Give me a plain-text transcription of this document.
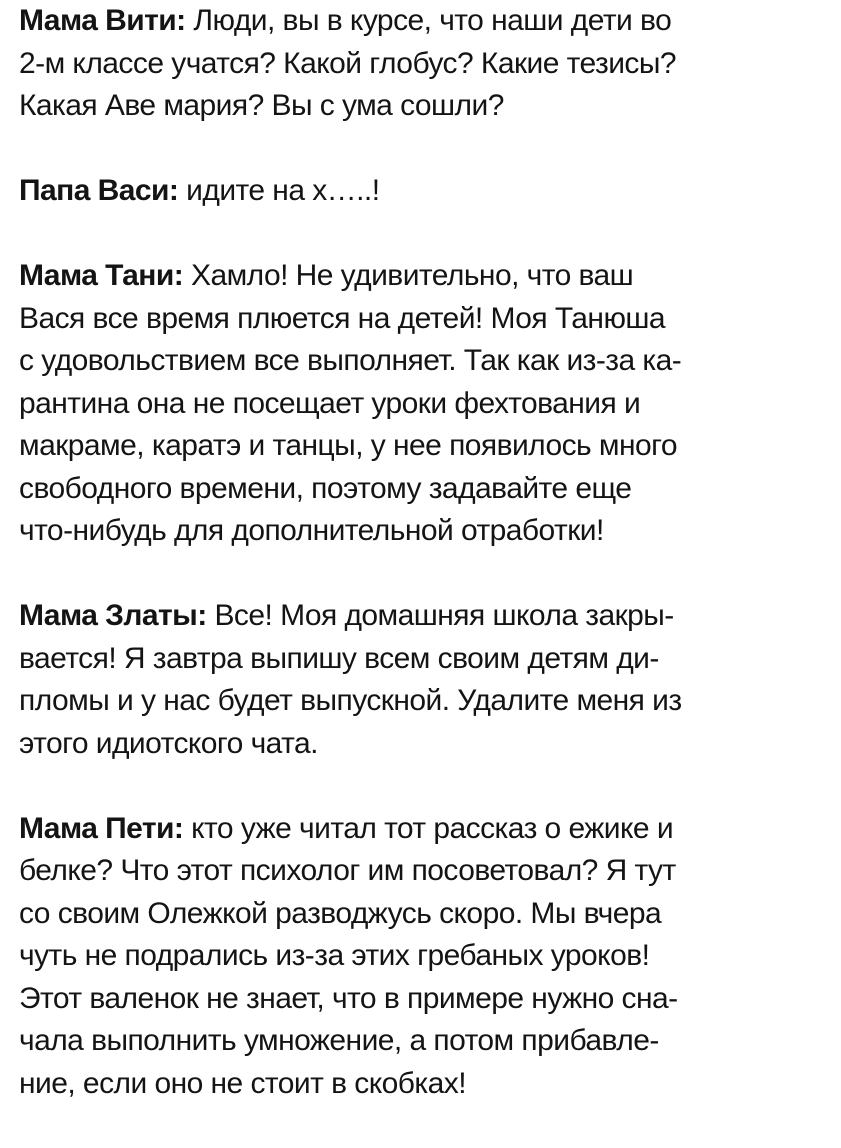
Мама Вити: Люди, вы в курсе, что наши дети во
2-м классе учатся? Какой глобус? Какие тезисы?
Какая Аве мария? Вы с ума сошли?
Папа Васи: идите на х…..!
Мама Тани: Хамло! Не удивительно, что ваш
Вася все время плюется на детей! Моя Танюша
с удовольствием все выполняет. Так как из-за ка-
рантина она не посещает уроки фехтования и
макраме, каратэ и танцы, у нее появилось много
свободного времени, поэтому задавайте еще
что-нибудь для дополнительной отработки!
Мама Златы: Все! Моя домашняя школа закры-
вается! Я завтра выпишу всем своим детям ди-
пломы и у нас будет выпускной. Удалите меня из
этого идиотского чата.
Мама Пети: кто уже читал тот рассказ о ежике и
белке? Что этот психолог им посоветовал? Я тут
со своим Олежкой разводжусь скоро. Мы вчера
чуть не подрались из-за этих гребаных уроков!
Этот валенок не знает, что в примере нужно сна-
чала выполнить умножение, а потом прибавле-
ние, если оно не стоит в скобках!
